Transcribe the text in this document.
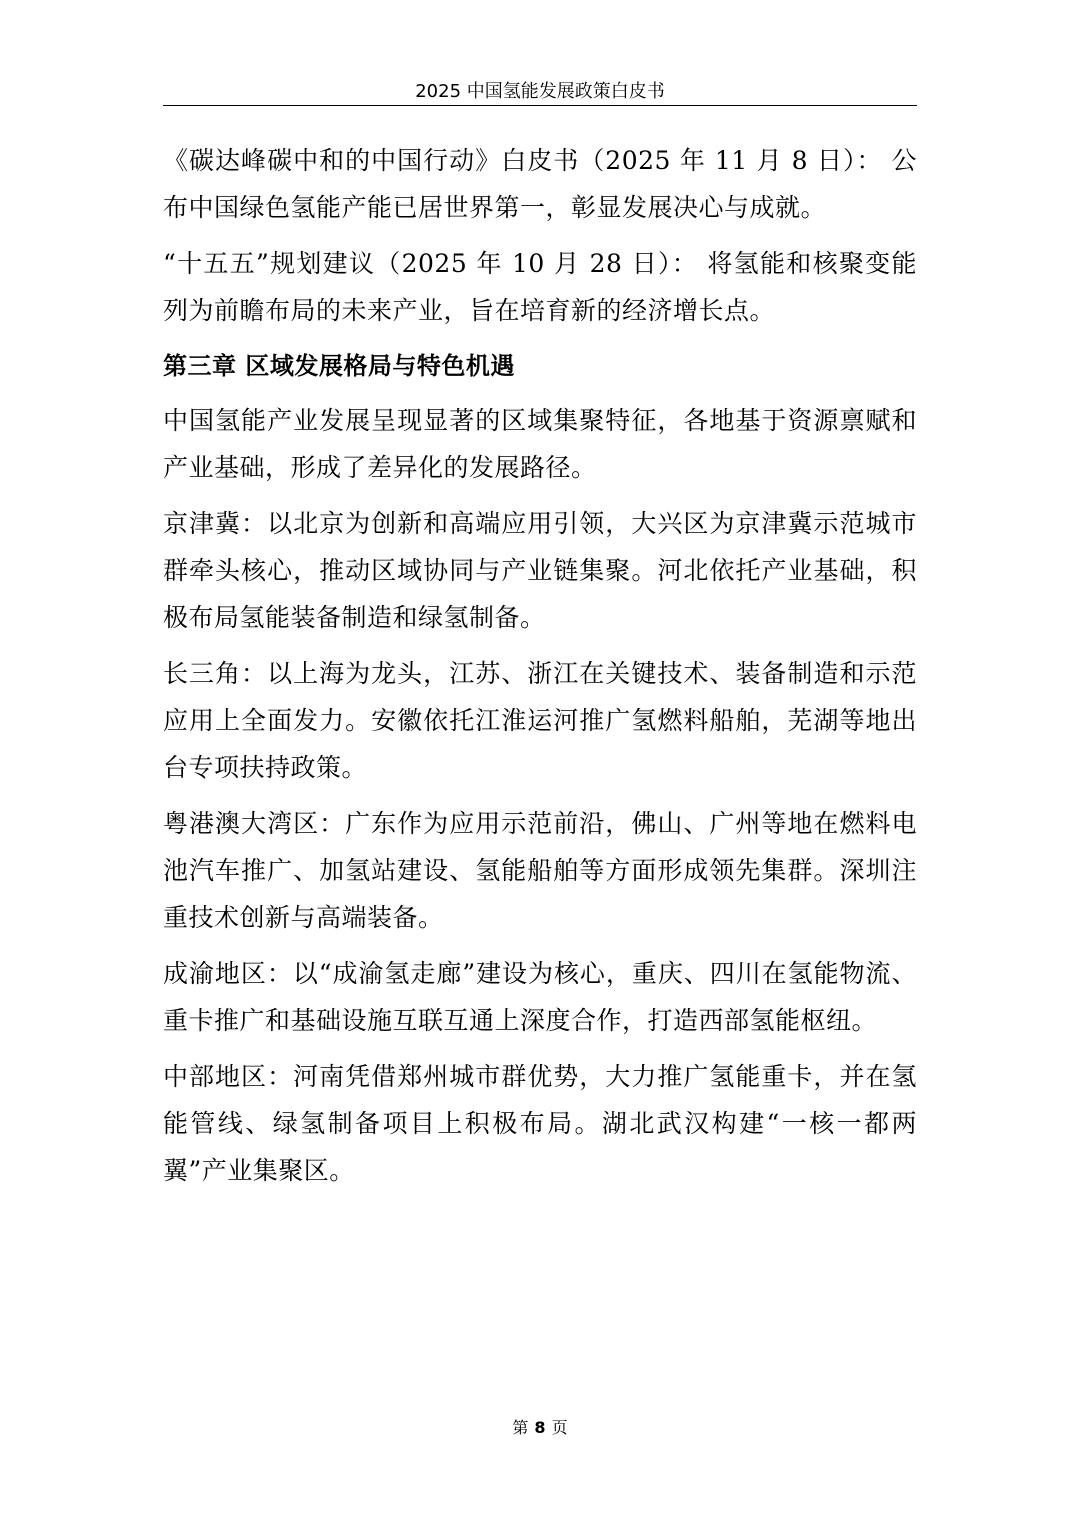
2025 中国氢能发展政策白皮书

《碳达峰碳中和的中国行动》白皮书（2025 年 11 月 8 日）： 公布中国绿色氢能产能已居世界第一，彰显发展决心与成就。

“十五五”规划建议（2025 年 10 月 28 日）： 将氢能和核聚变能列为前瞻布局的未来产业，旨在培育新的经济增长点。

第三章 区域发展格局与特色机遇

中国氢能产业发展呈现显著的区域集聚特征，各地基于资源禀赋和产业基础，形成了差异化的发展路径。

京津冀：以北京为创新和高端应用引领，大兴区为京津冀示范城市群牵头核心，推动区域协同与产业链集聚。河北依托产业基础，积极布局氢能装备制造和绿氢制备。

长三角：以上海为龙头，江苏、浙江在关键技术、装备制造和示范应用上全面发力。安徽依托江淮运河推广氢燃料船舶，芜湖等地出台专项扶持政策。

粤港澳大湾区：广东作为应用示范前沿，佛山、广州等地在燃料电池汽车推广、加氢站建设、氢能船舶等方面形成领先集群。深圳注重技术创新与高端装备。

成渝地区：以“成渝氢走廊”建设为核心，重庆、四川在氢能物流、重卡推广和基础设施互联互通上深度合作，打造西部氢能枢纽。

中部地区：河南凭借郑州城市群优势，大力推广氢能重卡，并在氢能管线、绿氢制备项目上积极布局。湖北武汉构建“一核一都两翼”产业集聚区。

第 8 页
